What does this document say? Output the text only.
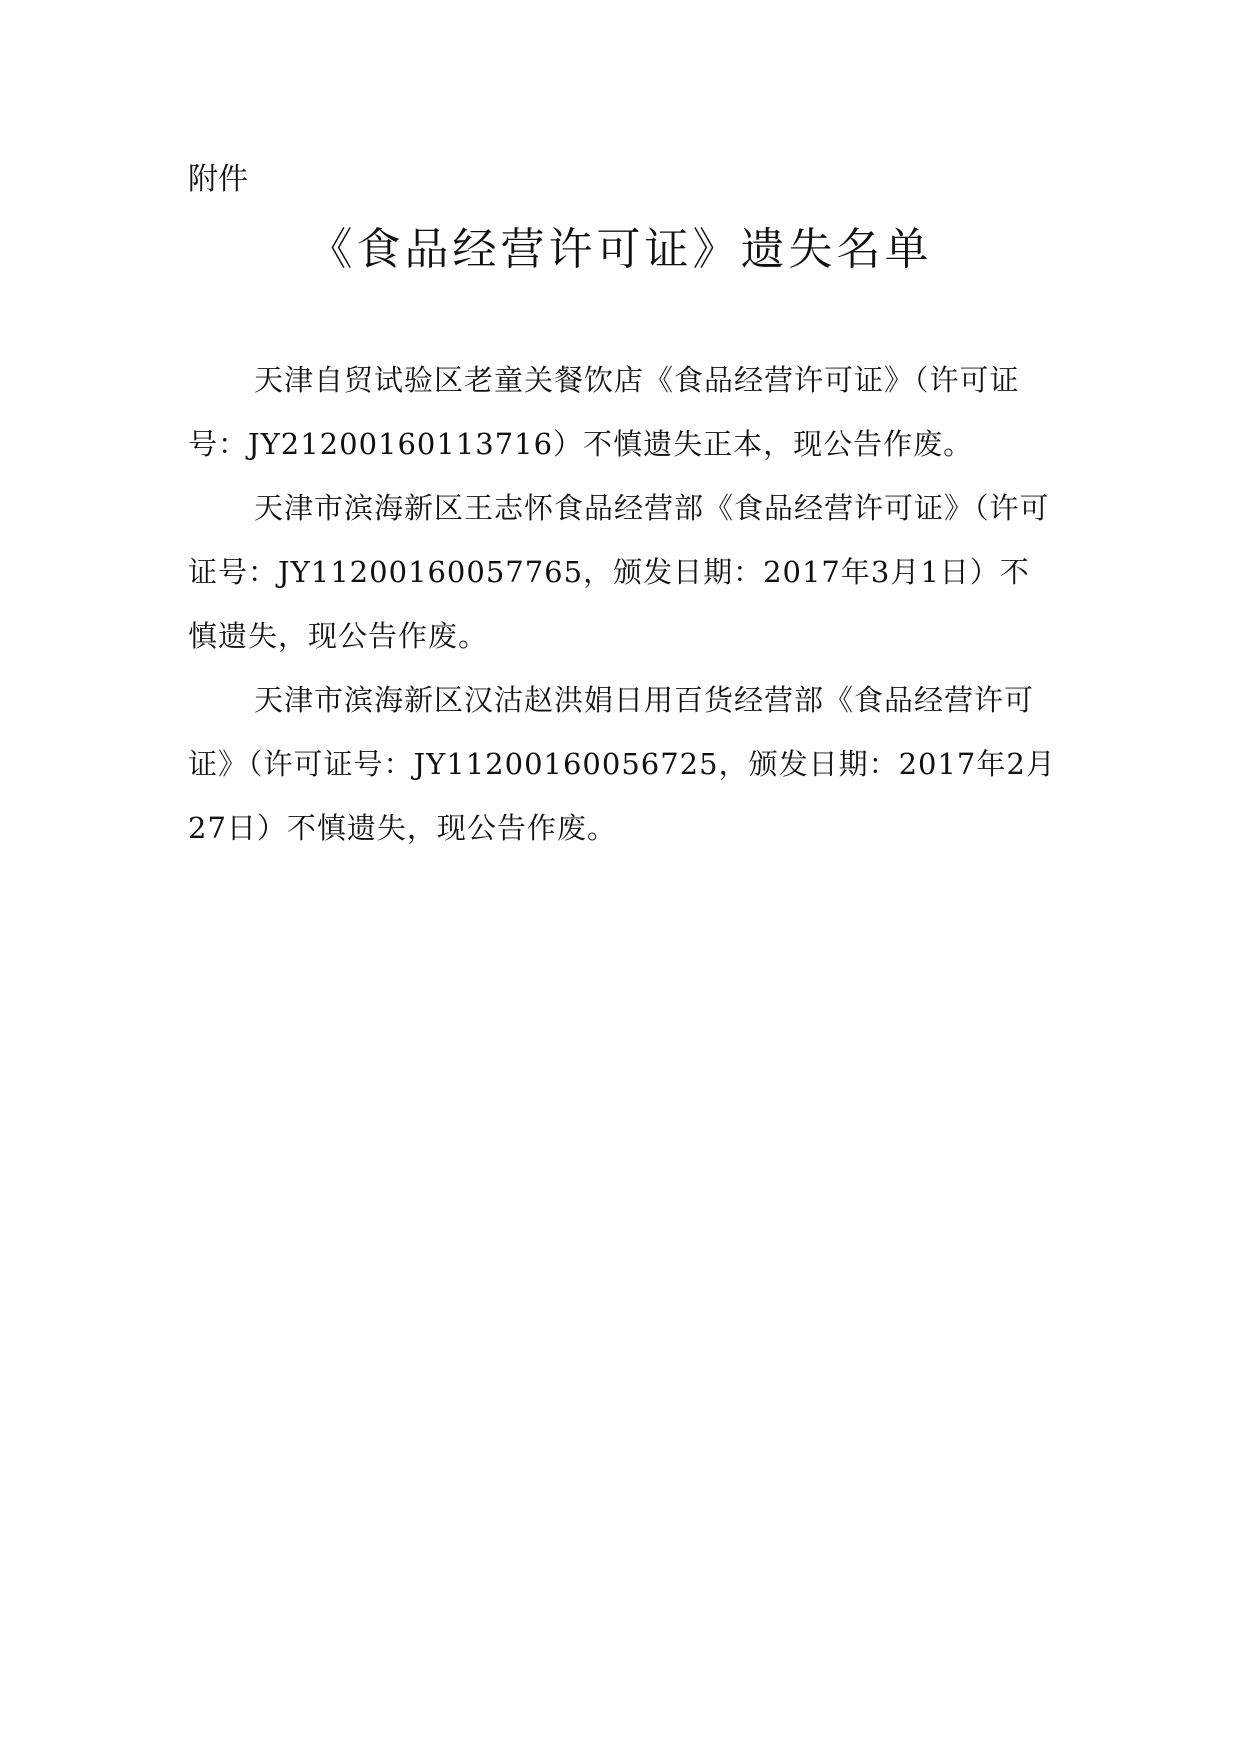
附件
《食品经营许可证》遗失名单

天津自贸试验区老童关餐饮店《食品经营许可证》（许可证号：JY21200160113716）不慎遗失正本，现公告作废。

天津市滨海新区王志怀食品经营部《食品经营许可证》（许可证号：JY11200160057765，颁发日期：2017年3月1日）不慎遗失，现公告作废。

天津市滨海新区汉沽赵洪娟日用百货经营部《食品经营许可证》（许可证号：JY11200160056725，颁发日期：2017年2月27日）不慎遗失，现公告作废。
